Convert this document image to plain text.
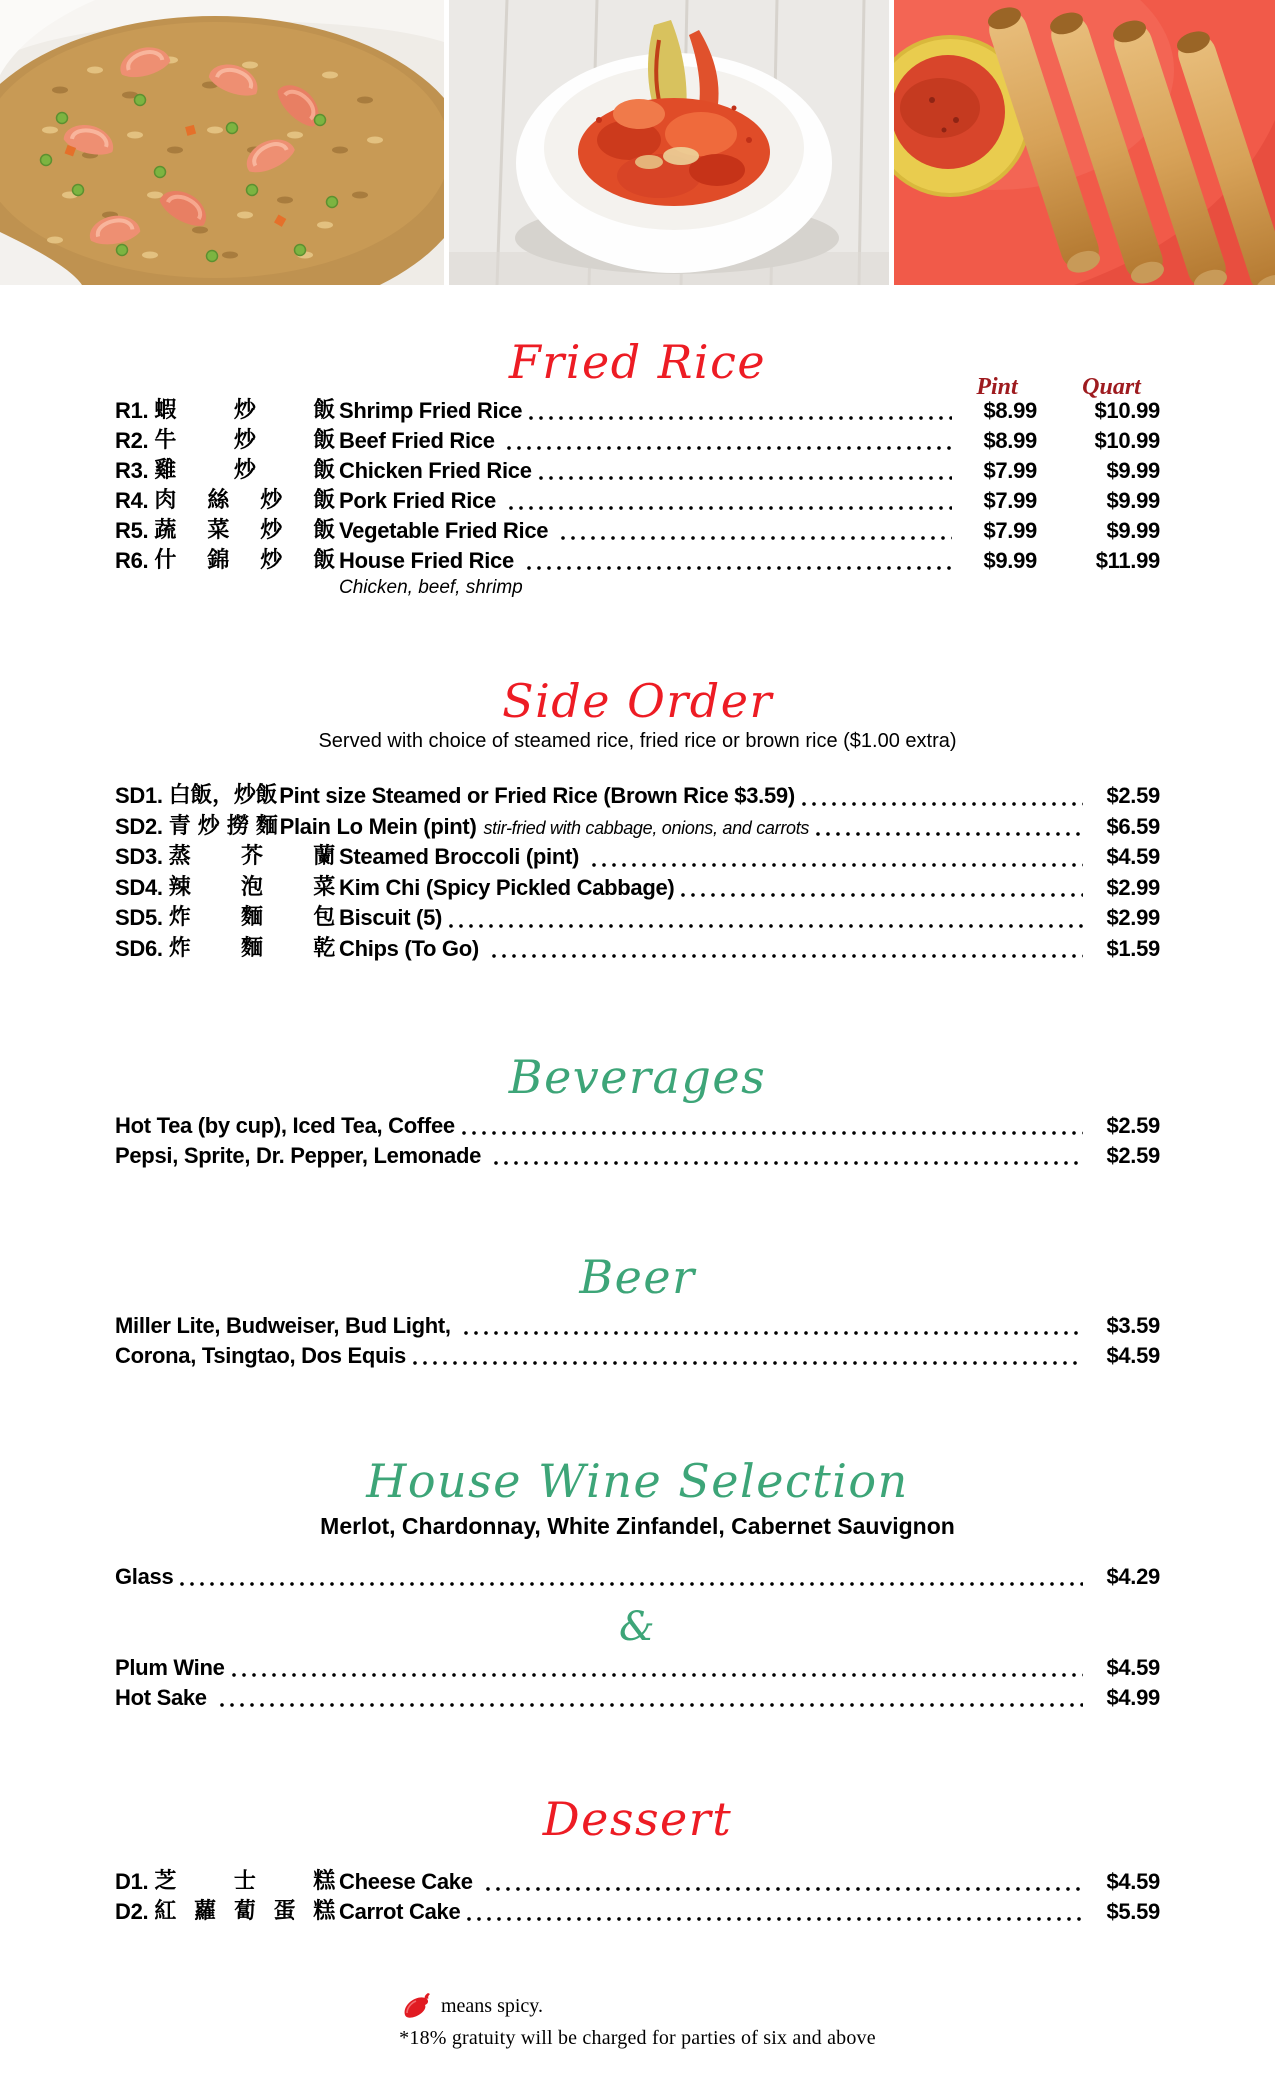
Fried Rice	Pint	Quart
R1. 蝦 炒 飯 Shrimp Fried Rice	$8.99	$10.99
R2. 牛 炒 飯 Beef Fried Rice	$8.99	$10.99
R3. 雞 炒 飯 Chicken Fried Rice	$7.99	$9.99
R4. 肉 絲 炒 飯 Pork Fried Rice	$7.99	$9.99
R5. 蔬 菜 炒 飯 Vegetable Fried Rice	$7.99	$9.99
R6. 什 錦 炒 飯 House Fried Rice	$9.99	$11.99
Chicken, beef, shrimp
Side Order
Served with choice of steamed rice, fried rice or brown rice ($1.00 extra)
SD1. 白飯，炒飯 Pint size Steamed or Fried Rice (Brown Rice $3.59)	$2.59
SD2. 青 炒 撈 麵 Plain Lo Mein (pint) stir-fried with cabbage, onions, and carrots	$6.59
SD3. 蒸 芥 蘭 Steamed Broccoli (pint)	$4.59
SD4. 辣 泡 菜 Kim Chi (Spicy Pickled Cabbage)	$2.99
SD5. 炸 麵 包 Biscuit (5)	$2.99
SD6. 炸 麵 乾 Chips (To Go)	$1.59
Beverages
Hot Tea (by cup), Iced Tea, Coffee	$2.59
Pepsi, Sprite, Dr. Pepper, Lemonade	$2.59
Beer
Miller Lite, Budweiser, Bud Light,	$3.59
Corona, Tsingtao, Dos Equis	$4.59
House Wine Selection
Merlot, Chardonnay, White Zinfandel, Cabernet Sauvignon
Glass	$4.29
&
Plum Wine	$4.59
Hot Sake	$4.99
Dessert
D1. 芝 士 糕 Cheese Cake	$4.59
D2. 紅蘿蔔蛋糕 Carrot Cake	$5.59
means spicy.
*18% gratuity will be charged for parties of six and above
